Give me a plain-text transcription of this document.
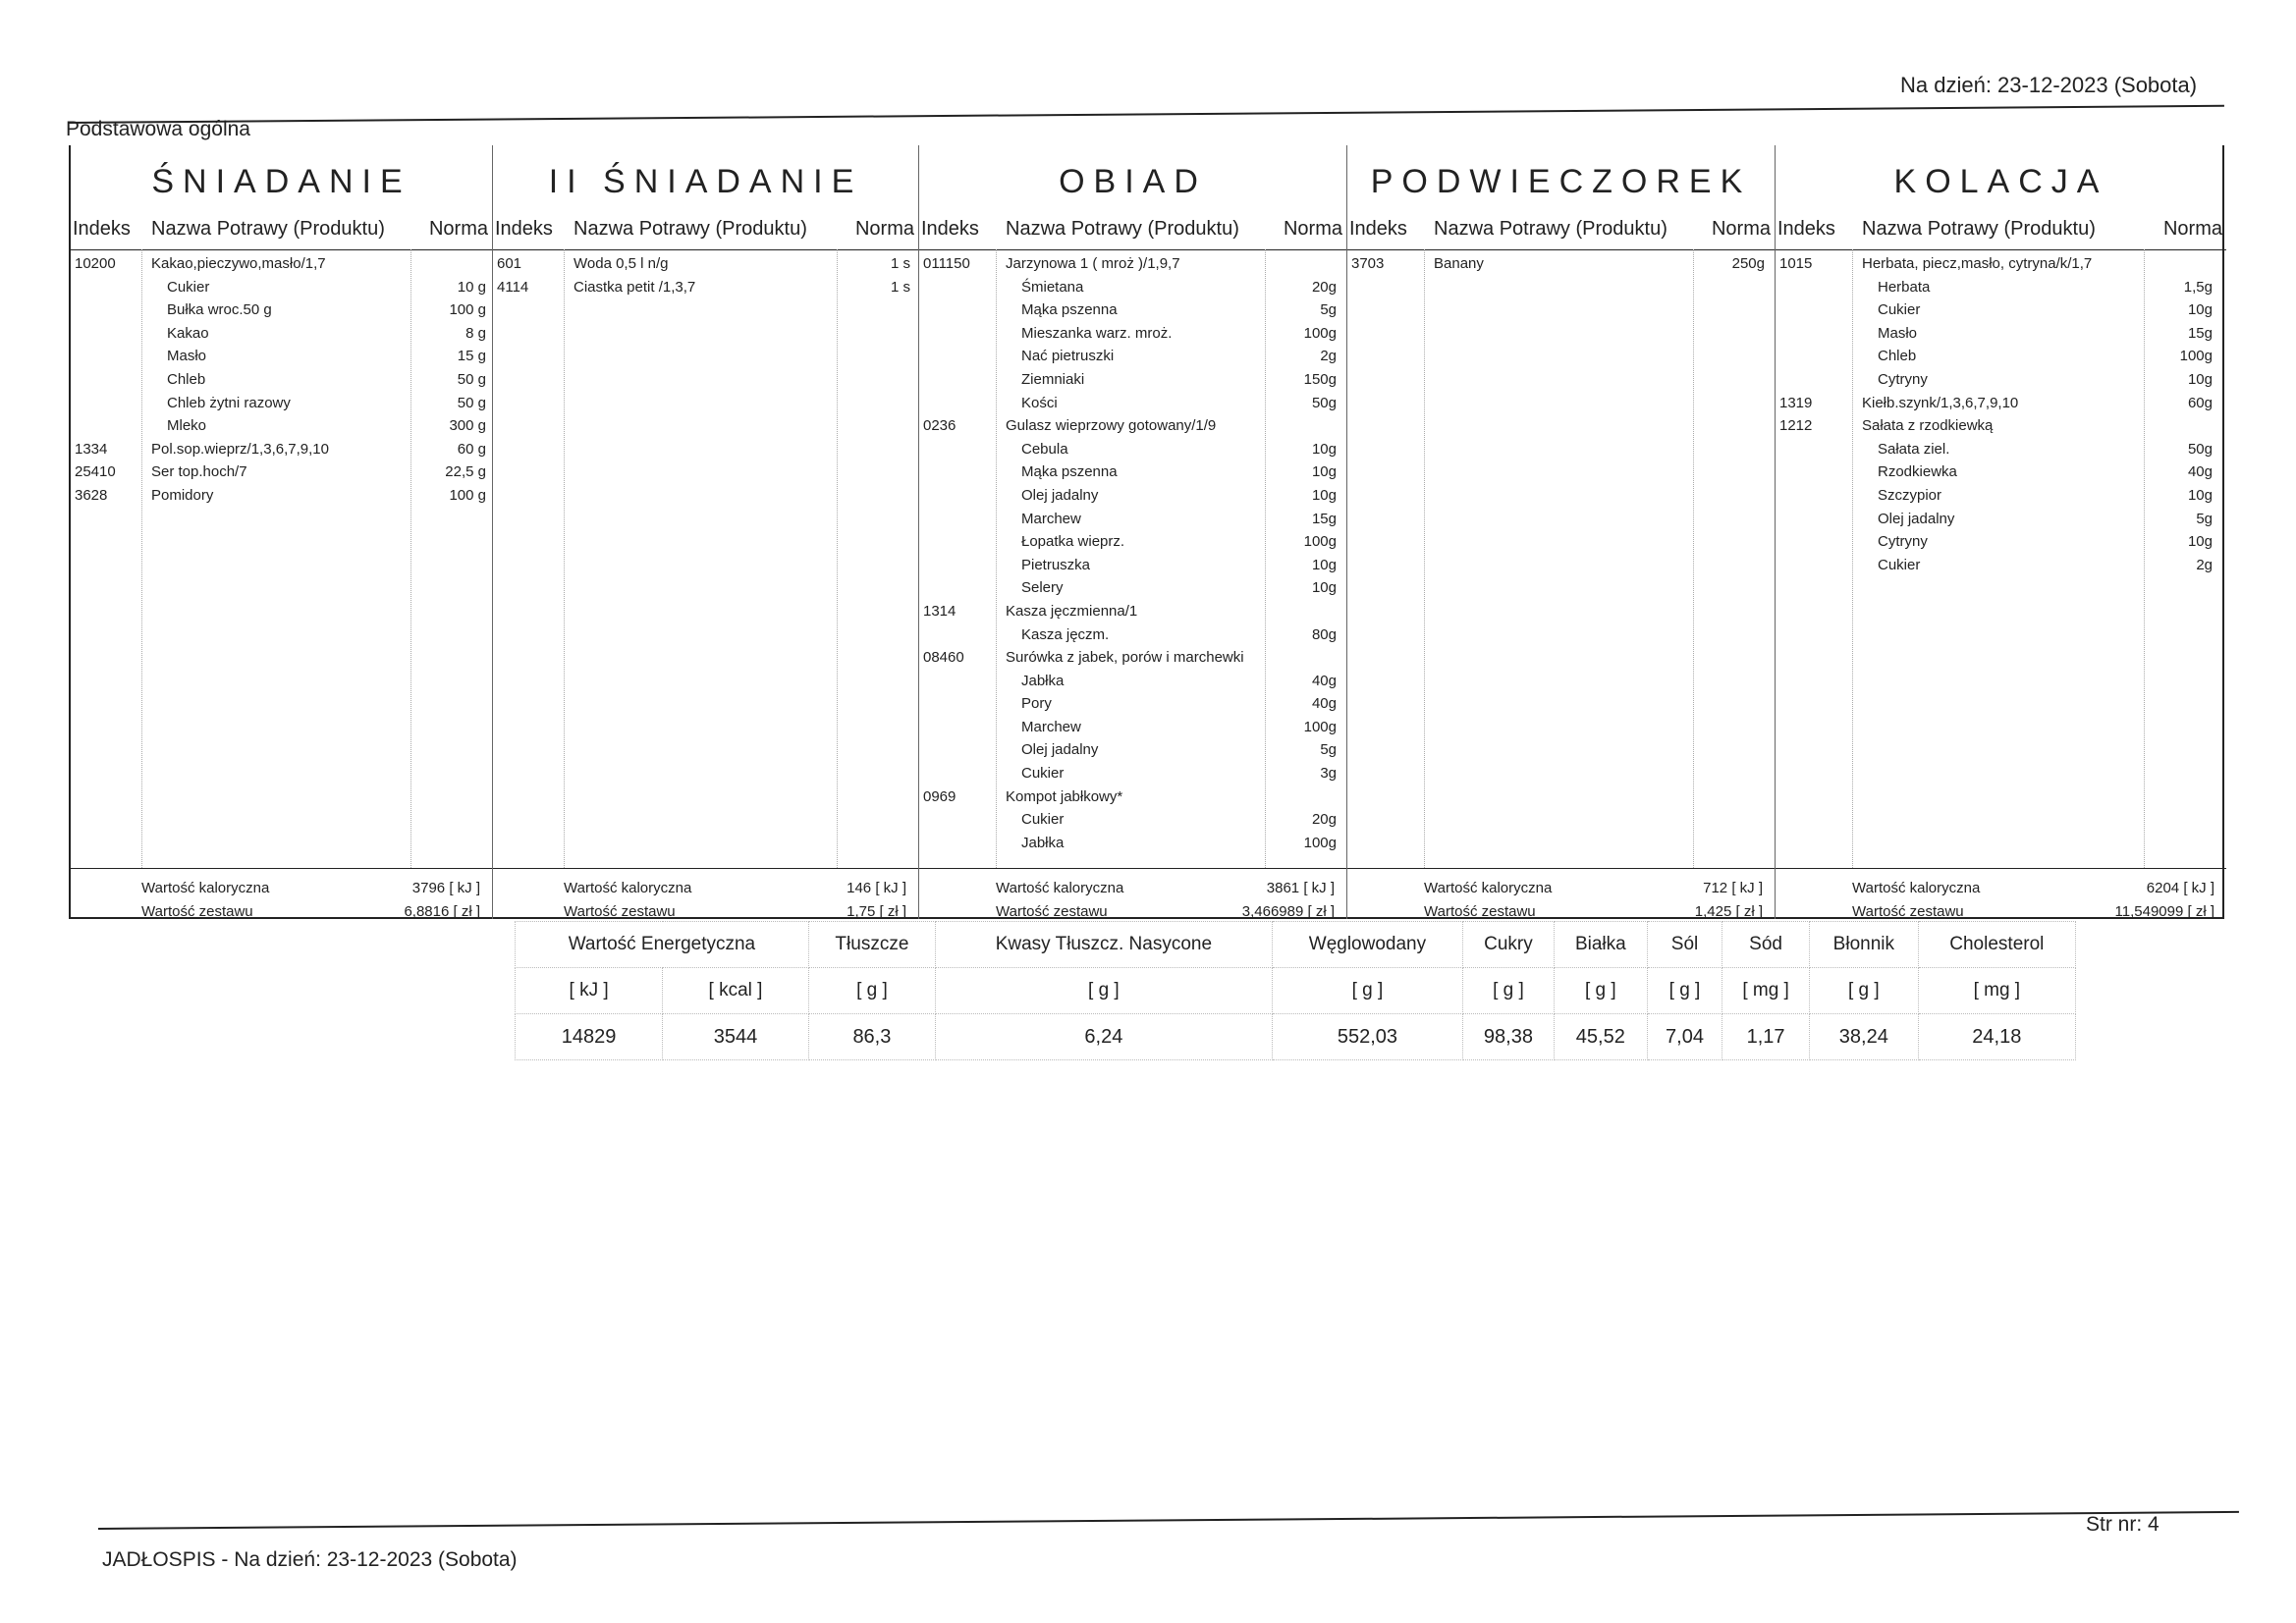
Na dzień: 23-12-2023 (Sobota)
Podstawowa ogólna
ŚNIADANIE
Indeks Nazwa Potrawy (Produktu) Norma
Wartość kaloryczna	3796 [ kJ ]
Wartość zestawu	6,8816 [ zł ]
10200 Kakao,pieczywo,masło/1,7
Cukier	10 g
Bułka wroc.50 g	100 g
Kakao	8 g
Masło	15 g
Chleb	50 g
Chleb żytni razowy	50 g
Mleko	300 g
1334	Pol.sop.wieprz/1,3,6,7,9,10	60 g
25410 Ser top.hoch/7	22,5 g
3628	Pomidory	100 g
II ŚNIADANIE
Indeks Nazwa Potrawy (Produktu) Norma
Wartość kaloryczna	146 [ kJ ]
Wartość zestawu	1,75 [ zł ]
601	Woda 0,5 l n/g	1 s
4114	Ciastka petit /1,3,7	1 s
OBIAD
Indeks Nazwa Potrawy (Produktu) Norma
Wartość kaloryczna	3861 [ kJ ]
Wartość zestawu	3,466989 [ zł ]
011150 Jarzynowa 1 ( mroż )/1,9,7
Śmietana	20g
Mąka pszenna	5g
Mieszanka warz. mroż.	100g
Nać pietruszki	2g
Ziemniaki	150g
Kości	50g
0236	Gulasz wieprzowy gotowany/1/9
Cebula	10g
Mąka pszenna	10g
Olej jadalny	10g
Marchew	15g
Łopatka wieprz.	100g
Pietruszka	10g
Selery	10g
1314	Kasza jęczmienna/1
Kasza jęczm.	80g
08460	Surówka z jabek, porów i marchewki
Jabłka	40g
Pory	40g
Marchew	100g
Olej jadalny	5g
Cukier	3g
0969	Kompot jabłkowy*
Cukier	20g
Jabłka	100g
PODWIECZOREK
Indeks Nazwa Potrawy (Produktu) Norma
Wartość kaloryczna	712 [ kJ ]
Wartość zestawu	1,425 [ zł ]
3703	Banany	250g
KOLACJA
Indeks Nazwa Potrawy (Produktu)	Norma
Wartość kaloryczna	6204 [ kJ ]
Wartość zestawu	11,549099 [ zł ]
1015	Herbata, piecz,masło, cytryna/k/1,7
Herbata	1,5g
Cukier	10g
Masło	15g
Chleb	100g
Cytryny	10g
1319	Kiełb.szynk/1,3,6,7,9,10	60g
1212	Sałata z rzodkiewką
Sałata ziel.	50g
Rzodkiewka	40g
Szczypior	10g
Olej jadalny	5g
Cytryny	10g
Cukier	2g
Wartość Energetyczna		Tłuszcze	Kwasy Tłuszcz. Nasycone	Węglowodany	Cukry	Białka	Sól	Sód	Błonnik	Cholesterol
[ kJ ]	[ kcal ]	[ g ]	[ g ]	[ g ]	[ g ]	[ g ]	[ g ]	[ mg ]	[ g ]	[ mg ]
14829	3544	86,3	6,24	552,03	98,38	45,52	7,04	1,17	38,24	24,18
JADŁOSPIS - Na dzień: 23-12-2023 (Sobota)
Str nr: 4
